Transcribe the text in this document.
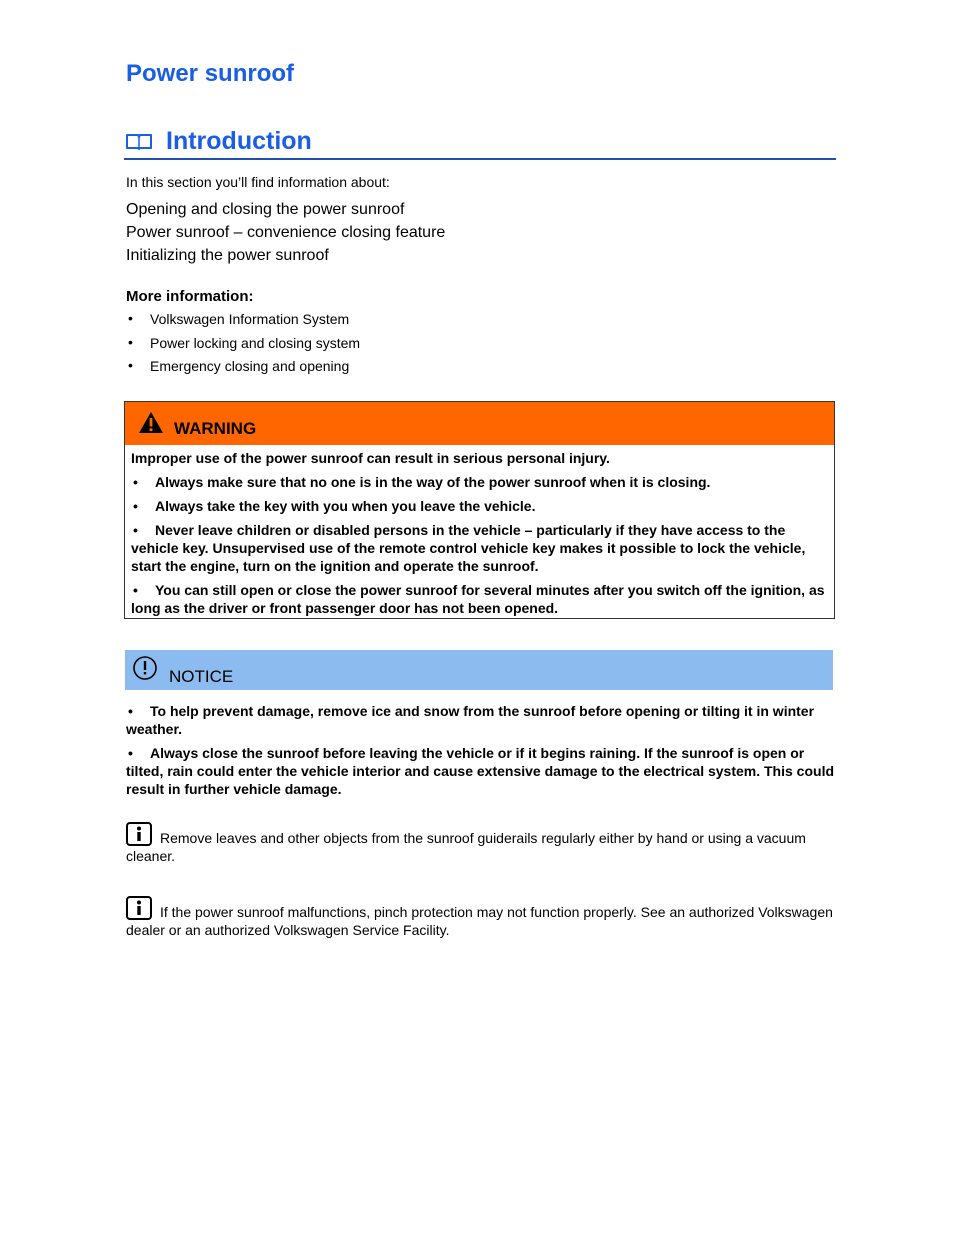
Power sunroof
Introduction
In this section you’ll find information about:
Opening and closing the power sunroof
Power sunroof – convenience closing feature
Initializing the power sunroof
More information:
• Volkswagen Information System
• Power locking and closing system
• Emergency closing and opening
WARNING

Improper use of the power sunroof can result in serious personal injury.

• Always make sure that no one is in the way of the power sunroof when it is closing.

• Always take the key with you when you leave the vehicle.

• Never leave children or disabled persons in the vehicle – particularly if they have access to the vehicle key. Unsupervised use of the remote control vehicle key makes it possible to lock the vehicle, start the engine, turn on the ignition and operate the sunroof.

• You can still open or close the power sunroof for several minutes after you switch off the ignition, as long as the driver or front passenger door has not been opened.

NOTICE

• To help prevent damage, remove ice and snow from the sunroof before opening or tilting it in winter weather.

• Always close the sunroof before leaving the vehicle or if it begins raining. If the sunroof is open or tilted, rain could enter the vehicle interior and cause extensive damage to the electrical system. This could result in further vehicle damage.

Remove leaves and other objects from the sunroof guiderails regularly either by hand or using a vacuum cleaner.
If the power sunroof malfunctions, pinch protection may not function properly. See an authorized Volkswagen dealer or an authorized Volkswagen Service Facility.
